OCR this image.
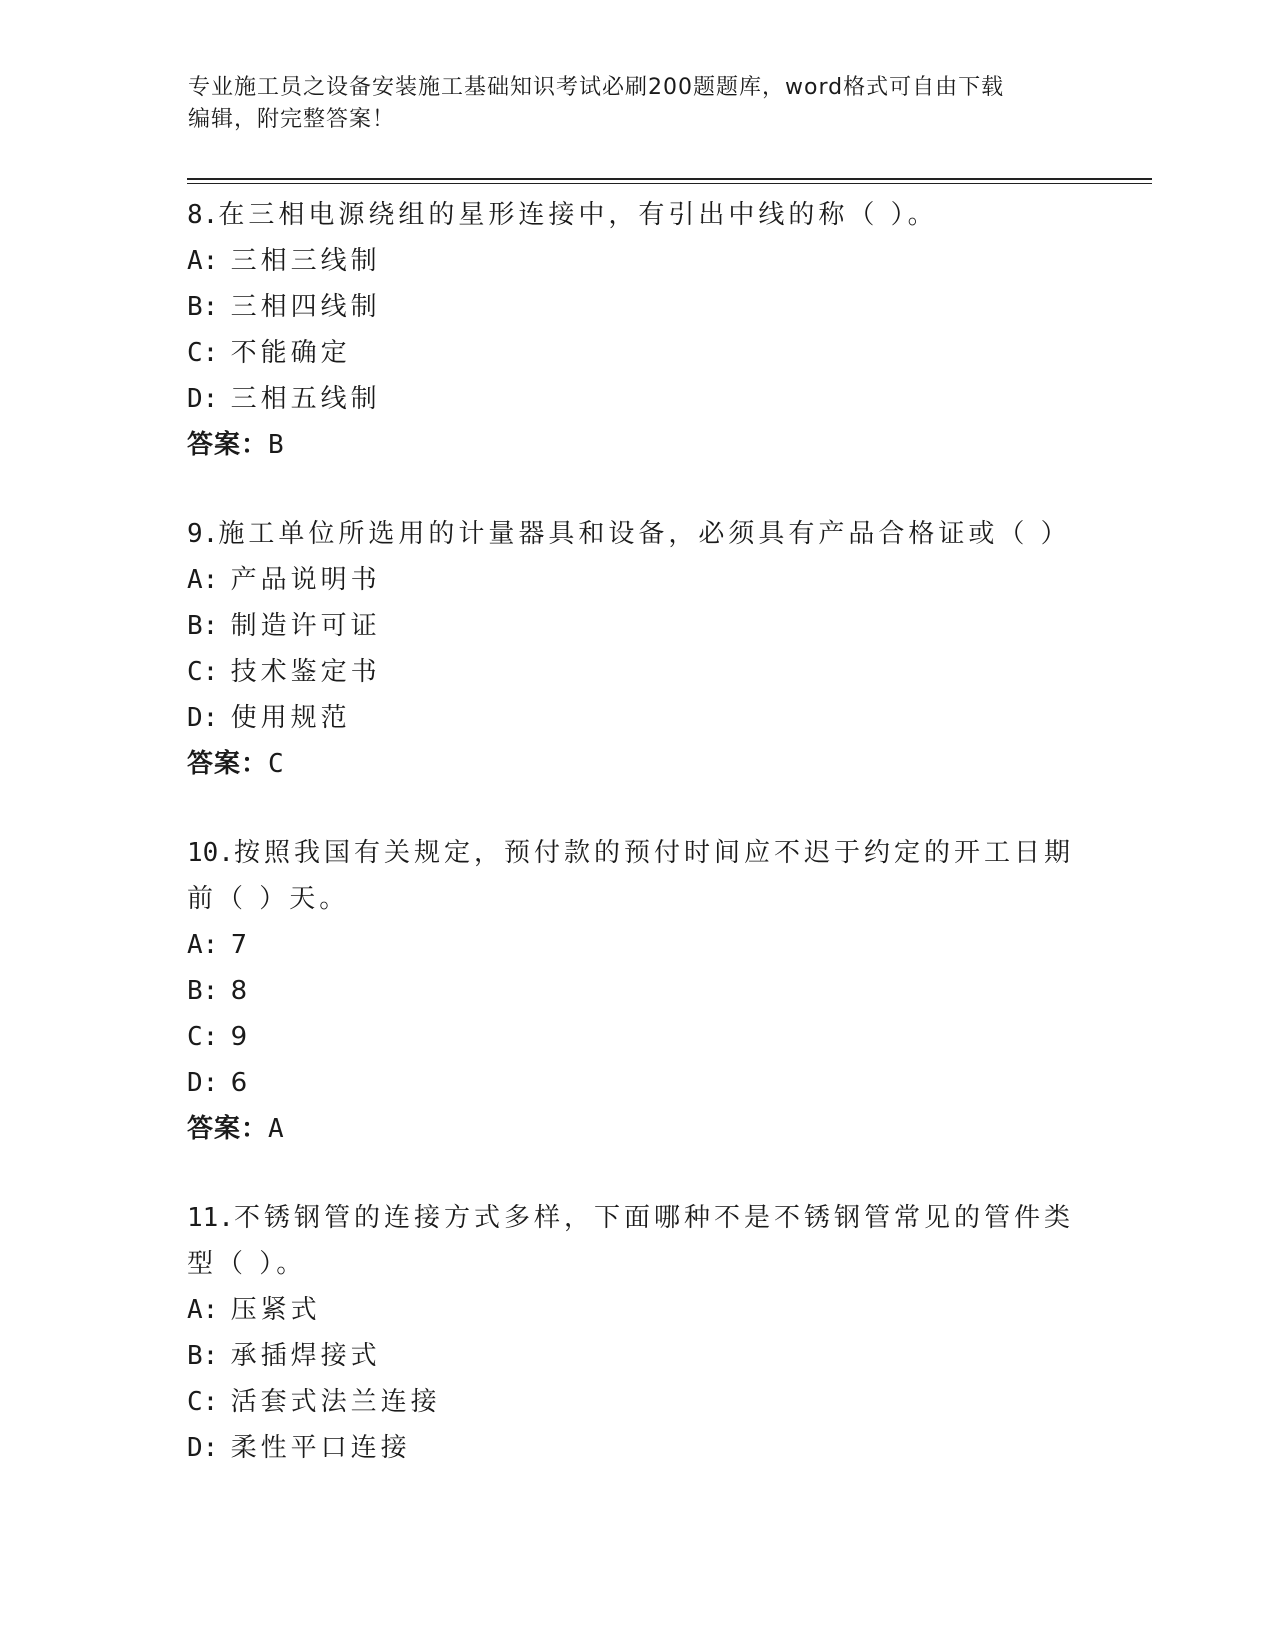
专业施工员之设备安装施工基础知识考试必刷200题题库，word格式可自由下载
编辑，附完整答案！

8.在三相电源绕组的星形连接中，有引出中线的称（ ）。

A: 三相三线制

B: 三相四线制

C: 不能确定

D: 三相五线制

答案：B

9.施工单位所选用的计量器具和设备，必须具有产品合格证或（ ）

A: 产品说明书

B: 制造许可证

C: 技术鉴定书

D: 使用规范

答案：C

10.按照我国有关规定，预付款的预付时间应不迟于约定的开工日期前（ ）天。

A: 7

B: 8

C: 9

D: 6

答案：A

11.不锈钢管的连接方式多样，下面哪种不是不锈钢管常见的管件类型（ ）。

A: 压紧式

B: 承插焊接式

C: 活套式法兰连接

D: 柔性平口连接
